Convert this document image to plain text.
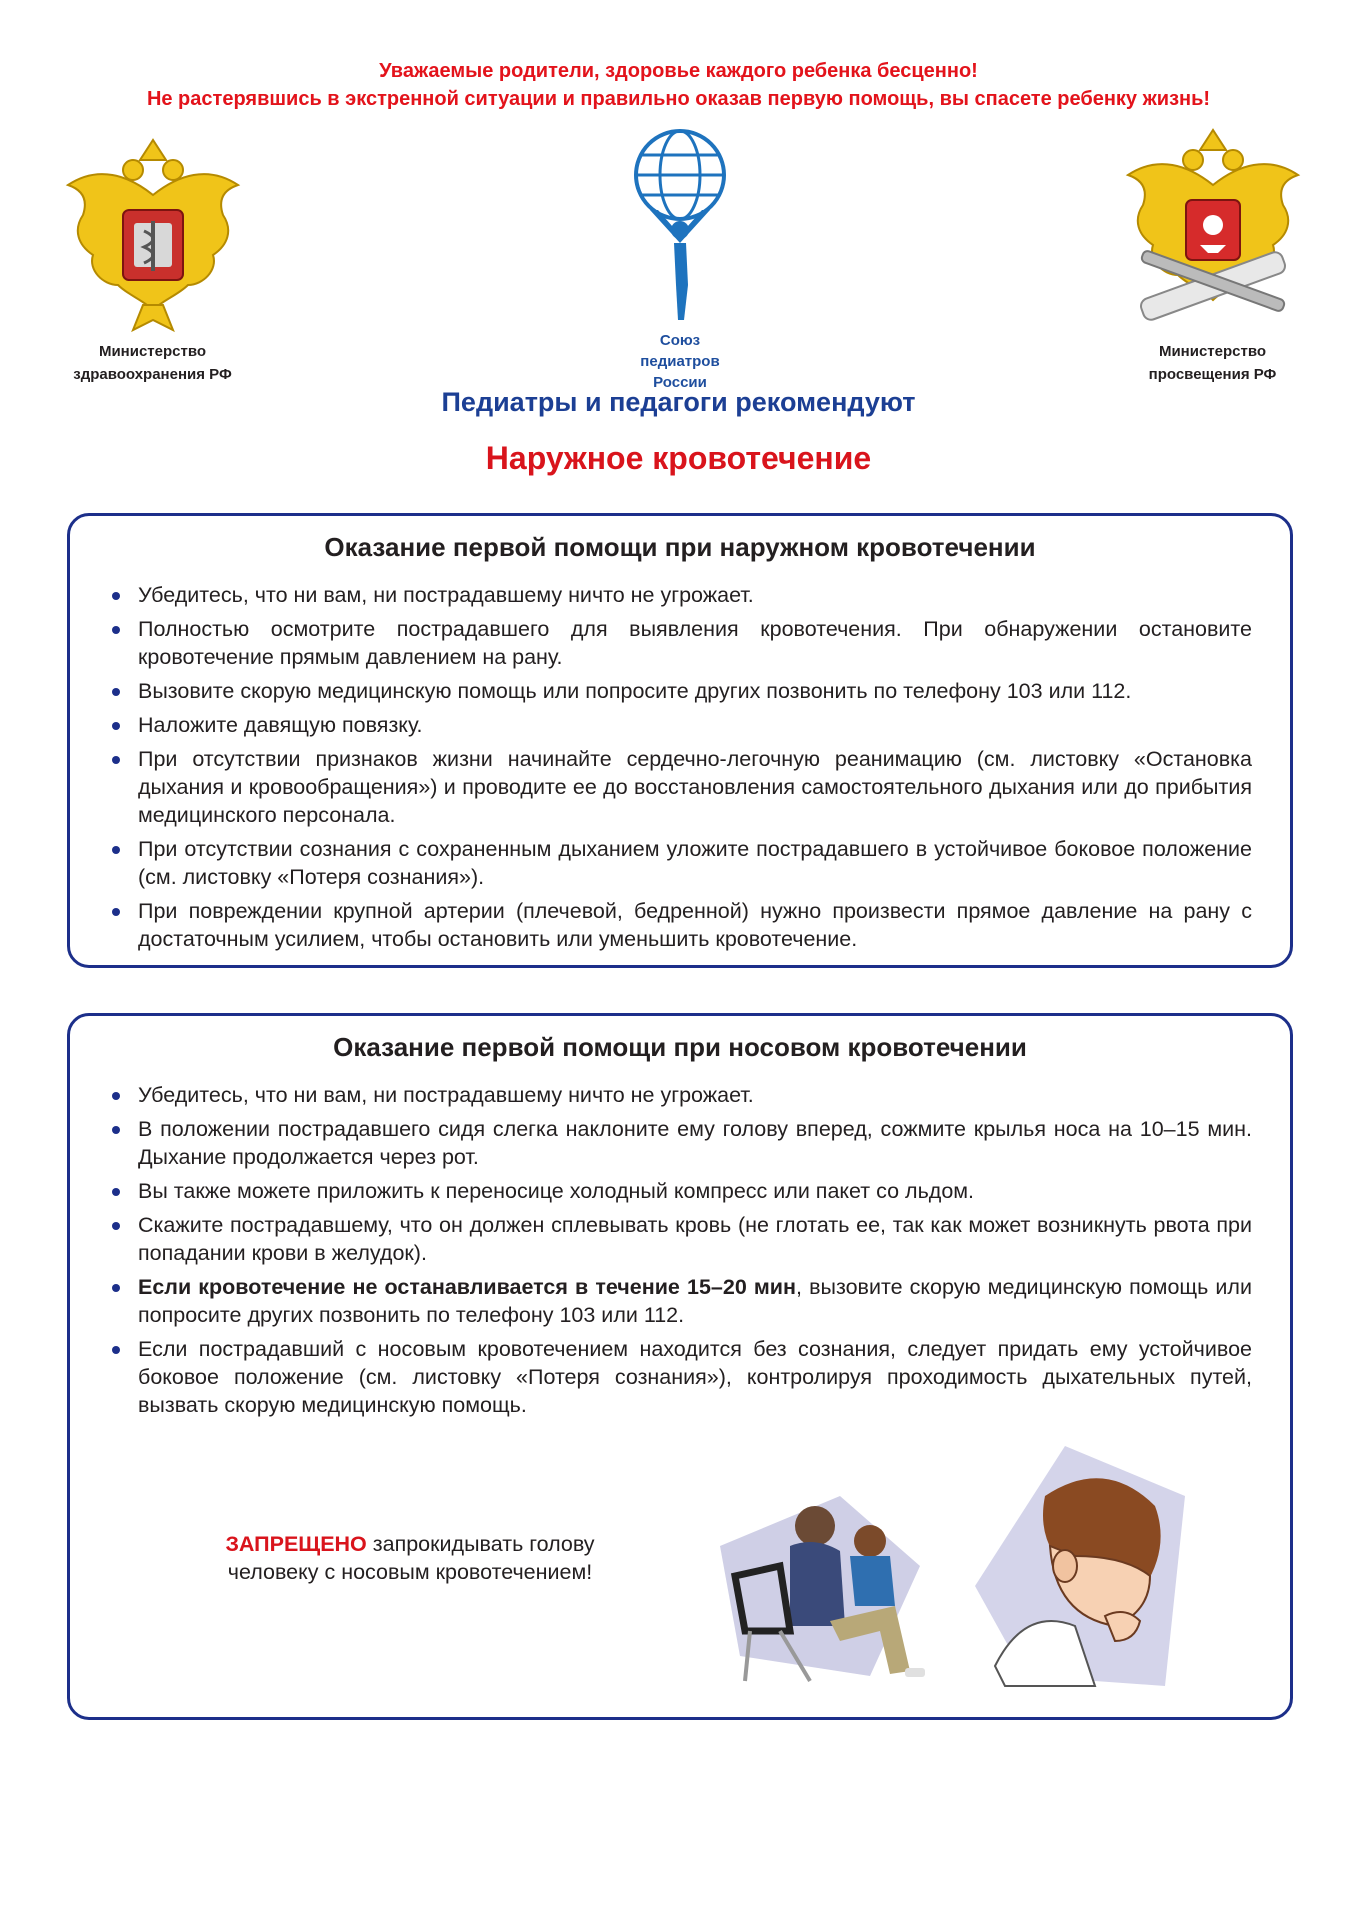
Уважаемые родители, здоровье каждого ребенка бесценно!
Не растерявшись в экстренной ситуации и правильно оказав первую помощь, вы спасете ребенку жизнь!
Министерство
здравоохранения РФ
Союз
педиатров
России
Министерство
просвещения РФ
Педиатры и педагоги рекомендуют
Наружное кровотечение
Оказание первой помощи при наружном кровотечении
Убедитесь, что ни вам, ни пострадавшему ничто не угрожает.
Полностью осмотрите пострадавшего для выявления кровотечения. При обнаружении остановите кровотечение прямым давлением на рану.
Вызовите скорую медицинскую помощь или попросите других позвонить по телефону 103 или 112.
Наложите давящую повязку.
При отсутствии признаков жизни начинайте сердечно-легочную реанимацию (см. листовку «Остановка дыхания и кровообращения») и проводите ее до восстановления самостоятельного дыхания или до прибытия медицинского персонала.
При отсутствии сознания с сохраненным дыханием уложите пострадавшего в устойчивое боковое положение (см. листовку «Потеря сознания»).
При повреждении крупной артерии (плечевой, бедренной) нужно произвести прямое давление на рану с достаточным усилием, чтобы остановить или уменьшить кровотечение.
Оказание первой помощи при носовом кровотечении
Убедитесь, что ни вам, ни пострадавшему ничто не угрожает.
В положении пострадавшего сидя слегка наклоните ему голову вперед, сожмите крылья носа на 10–15 мин. Дыхание продолжается через рот.
Вы также можете приложить к переносице холодный компресс или пакет со льдом.
Скажите пострадавшему, что он должен сплевывать кровь (не глотать ее, так как может возникнуть рвота при попадании крови в желудок).
Если кровотечение не останавливается в течение 15–20 мин, вызовите скорую медицинскую помощь или попросите других позвонить по телефону 103 или 112.
Если пострадавший с носовым кровотечением находится без сознания, следует придать ему устойчивое боковое положение (см. листовку «Потеря сознания»), контролируя проходимость дыхательных путей, вызвать скорую медицинскую помощь.
ЗАПРЕЩЕНО запрокидывать голову
человеку с носовым кровотечением!
